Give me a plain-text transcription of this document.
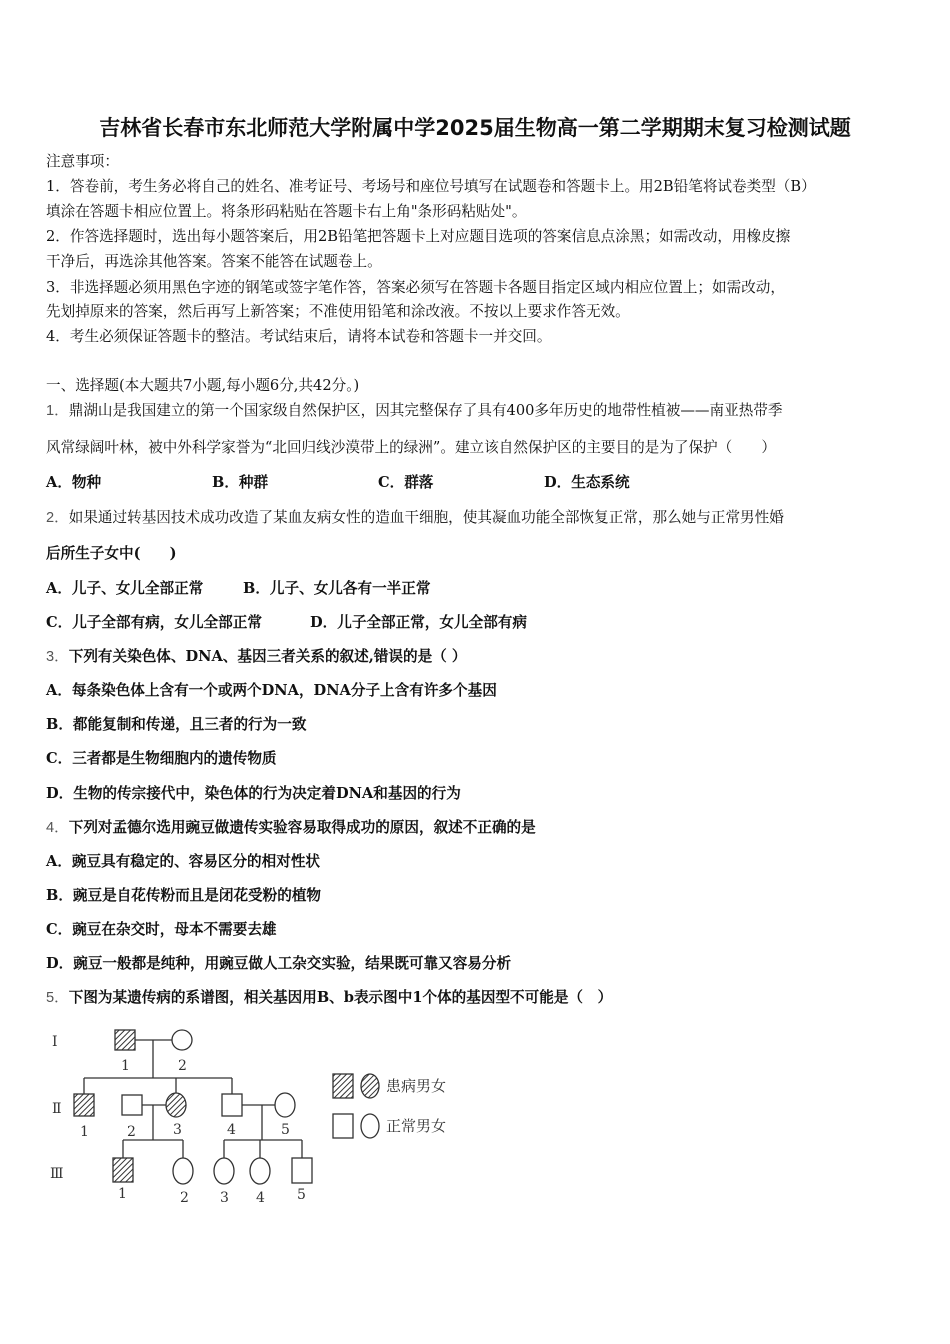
吉林省长春市东北师范大学附属中学2025届生物高一第二学期期末复习检测试题
注意事项：
1．答卷前，考生务必将自己的姓名、准考证号、考场号和座位号填写在试题卷和答题卡上。用2B铅笔将试卷类型（B）
填涂在答题卡相应位置上。将条形码粘贴在答题卡右上角"条形码粘贴处"。
2．作答选择题时，选出每小题答案后，用2B铅笔把答题卡上对应题目选项的答案信息点涂黑；如需改动，用橡皮擦
干净后，再选涂其他答案。答案不能答在试题卷上。
3．非选择题必须用黑色字迹的钢笔或签字笔作答，答案必须写在答题卡各题目指定区域内相应位置上；如需改动，
先划掉原来的答案，然后再写上新答案；不准使用铅笔和涂改液。不按以上要求作答无效。
4．考生必须保证答题卡的整洁。考试结束后，请将本试卷和答题卡一并交回。
一、选择题(本大题共7小题,每小题6分,共42分。)
1．鼎湖山是我国建立的第一个国家级自然保护区，因其完整保存了具有400多年历史的地带性植被——南亚热带季
风常绿阔叶林，被中外科学家誉为“北回归线沙漠带上的绿洲”。建立该自然保护区的主要目的是为了保护（　　）
A．物种	B．种群	C．群落	D．生态系统
2．如果通过转基因技术成功改造了某血友病女性的造血干细胞，使其凝血功能全部恢复正常，那么她与正常男性婚
后所生子女中(　　)
A．儿子、女儿全部正常	B．儿子、女儿各有一半正常
C．儿子全部有病，女儿全部正常	D．儿子全部正常，女儿全部有病
3．下列有关染色体、DNA、基因三者关系的叙述,错误的是（ ）
A．每条染色体上含有一个或两个DNA，DNA分子上含有许多个基因
B．都能复制和传递，且三者的行为一致
C．三者都是生物细胞内的遗传物质
D．生物的传宗接代中，染色体的行为决定着DNA和基因的行为
4．下列对孟德尔选用豌豆做遗传实验容易取得成功的原因，叙述不正确的是
A．豌豆具有稳定的、容易区分的相对性状
B．豌豆是自花传粉而且是闭花受粉的植物
C．豌豆在杂交时，母本不需要去雄
D．豌豆一般都是纯种，用豌豆做人工杂交实验，结果既可靠又容易分析
5．下图为某遗传病的系谱图，相关基因用B、b表示图中1个体的基因型不可能是（　）
Ⅰ
Ⅱ
Ⅲ
1	2
1	2	3	4	5
1	2 3 4 5
患病男女
正常男女
